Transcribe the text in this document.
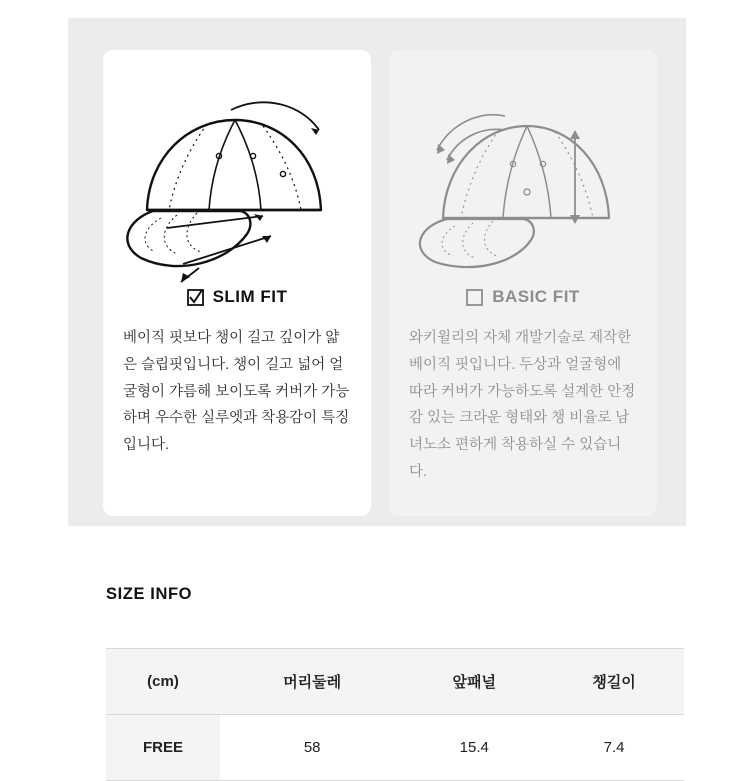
SLIM FIT
베이직 핏보다 챙이 길고 깊이가 얇은 슬립핏입니다. 챙이 길고 넓어 얼굴형이 갸름해 보이도록 커버가 가능하며 우수한 실루엣과 착용감이 특징입니다.
BASIC FIT
와키윌리의 자체 개발기술로 제작한 베이직 핏입니다. 두상과 얼굴형에 따라 커버가 가능하도록 설계한 안정감 있는 크라운 형태와 챙 비율로 남녀노소 편하게 착용하실 수 있습니다.
SIZE INFO
(cm)	머리둘레	앞패널	챙길이
FREE	58	15.4	7.4
